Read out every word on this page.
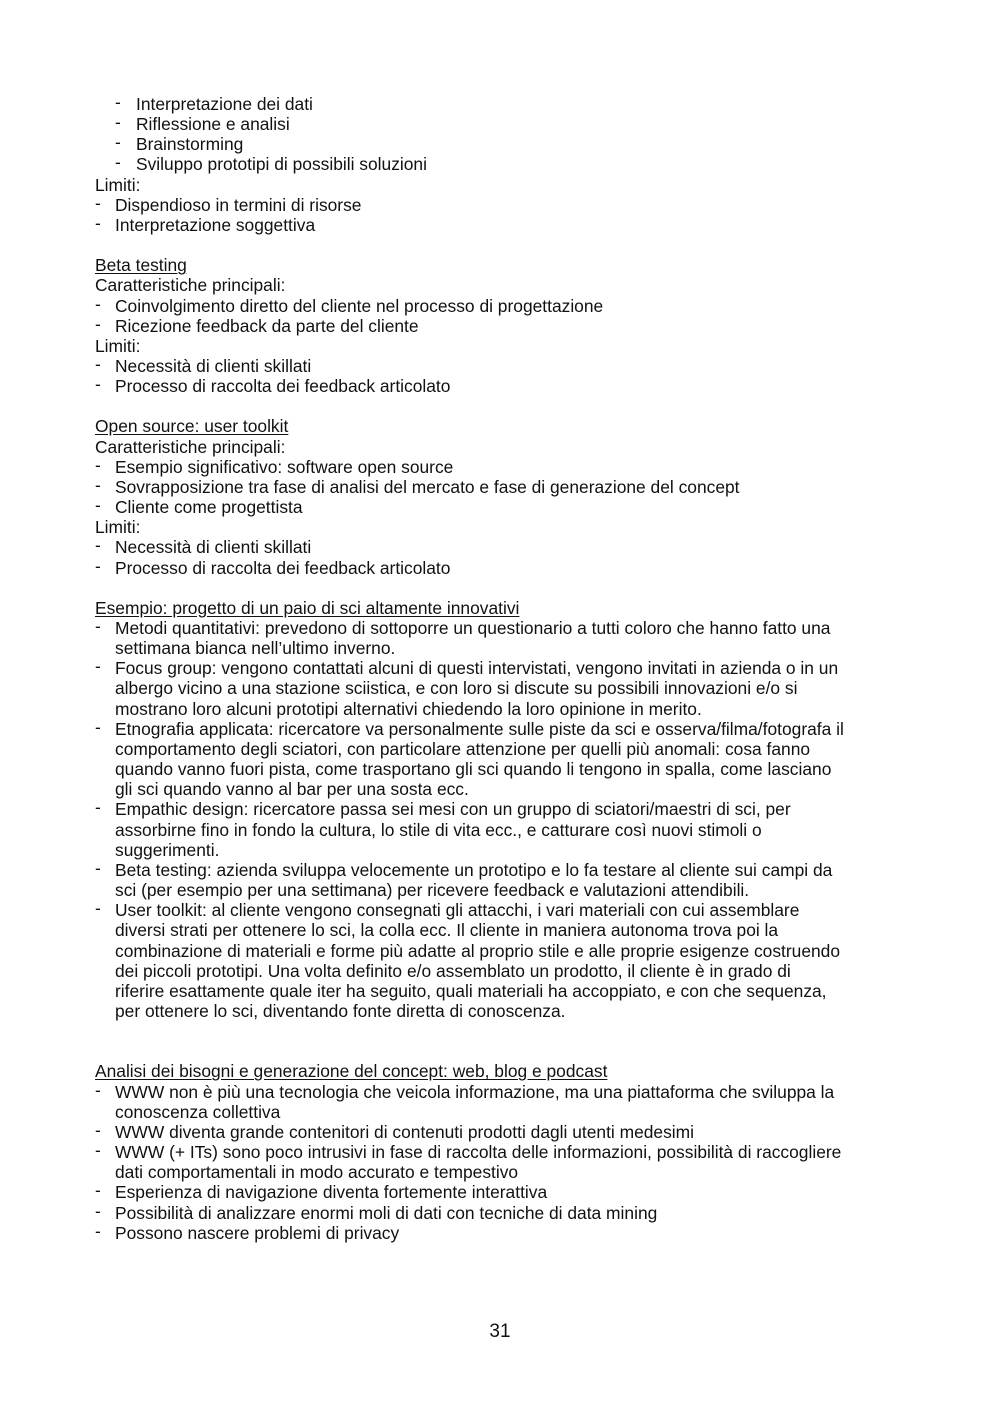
- Interpretazione dei dati
- Riflessione e analisi
- Brainstorming
- Sviluppo prototipi di possibili soluzioni
Limiti:
- Dispendioso in termini di risorse
- Interpretazione soggettiva
Beta testing
Caratteristiche principali:
- Coinvolgimento diretto del cliente nel processo di progettazione
- Ricezione feedback da parte del cliente
Limiti:
- Necessità di clienti skillati
- Processo di raccolta dei feedback articolato
Open source: user toolkit
Caratteristiche principali:
- Esempio significativo: software open source
- Sovrapposizione tra fase di analisi del mercato e fase di generazione del concept
- Cliente come progettista
Limiti:
- Necessità di clienti skillati
- Processo di raccolta dei feedback articolato
Esempio: progetto di un paio di sci altamente innovativi
- Metodi quantitativi: prevedono di sottoporre un questionario a tutti coloro che hanno fatto una
settimana bianca nell’ultimo inverno.
- Focus group: vengono contattati alcuni di questi intervistati, vengono invitati in azienda o in un
albergo vicino a una stazione sciistica, e con loro si discute su possibili innovazioni e/o si
mostrano loro alcuni prototipi alternativi chiedendo la loro opinione in merito.
- Etnografia applicata: ricercatore va personalmente sulle piste da sci e osserva/filma/fotografa il
comportamento degli sciatori, con particolare attenzione per quelli più anomali: cosa fanno
quando vanno fuori pista, come trasportano gli sci quando li tengono in spalla, come lasciano
gli sci quando vanno al bar per una sosta ecc.
- Empathic design: ricercatore passa sei mesi con un gruppo di sciatori/maestri di sci, per
assorbirne fino in fondo la cultura, lo stile di vita ecc., e catturare così nuovi stimoli o
suggerimenti.
- Beta testing: azienda sviluppa velocemente un prototipo e lo fa testare al cliente sui campi da
sci (per esempio per una settimana) per ricevere feedback e valutazioni attendibili.
- User toolkit: al cliente vengono consegnati gli attacchi, i vari materiali con cui assemblare
diversi strati per ottenere lo sci, la colla ecc. Il cliente in maniera autonoma trova poi la
combinazione di materiali e forme più adatte al proprio stile e alle proprie esigenze costruendo
dei piccoli prototipi. Una volta definito e/o assemblato un prodotto, il cliente è in grado di
riferire esattamente quale iter ha seguito, quali materiali ha accoppiato, e con che sequenza,
per ottenere lo sci, diventando fonte diretta di conoscenza.
Analisi dei bisogni e generazione del concept: web, blog e podcast
- WWW non è più una tecnologia che veicola informazione, ma una piattaforma che sviluppa la
conoscenza collettiva
- WWW diventa grande contenitori di contenuti prodotti dagli utenti medesimi
- WWW (+ ITs) sono poco intrusivi in fase di raccolta delle informazioni, possibilità di raccogliere
dati comportamentali in modo accurato e tempestivo
- Esperienza di navigazione diventa fortemente interattiva
- Possibilità di analizzare enormi moli di dati con tecniche di data mining
- Possono nascere problemi di privacy
31
